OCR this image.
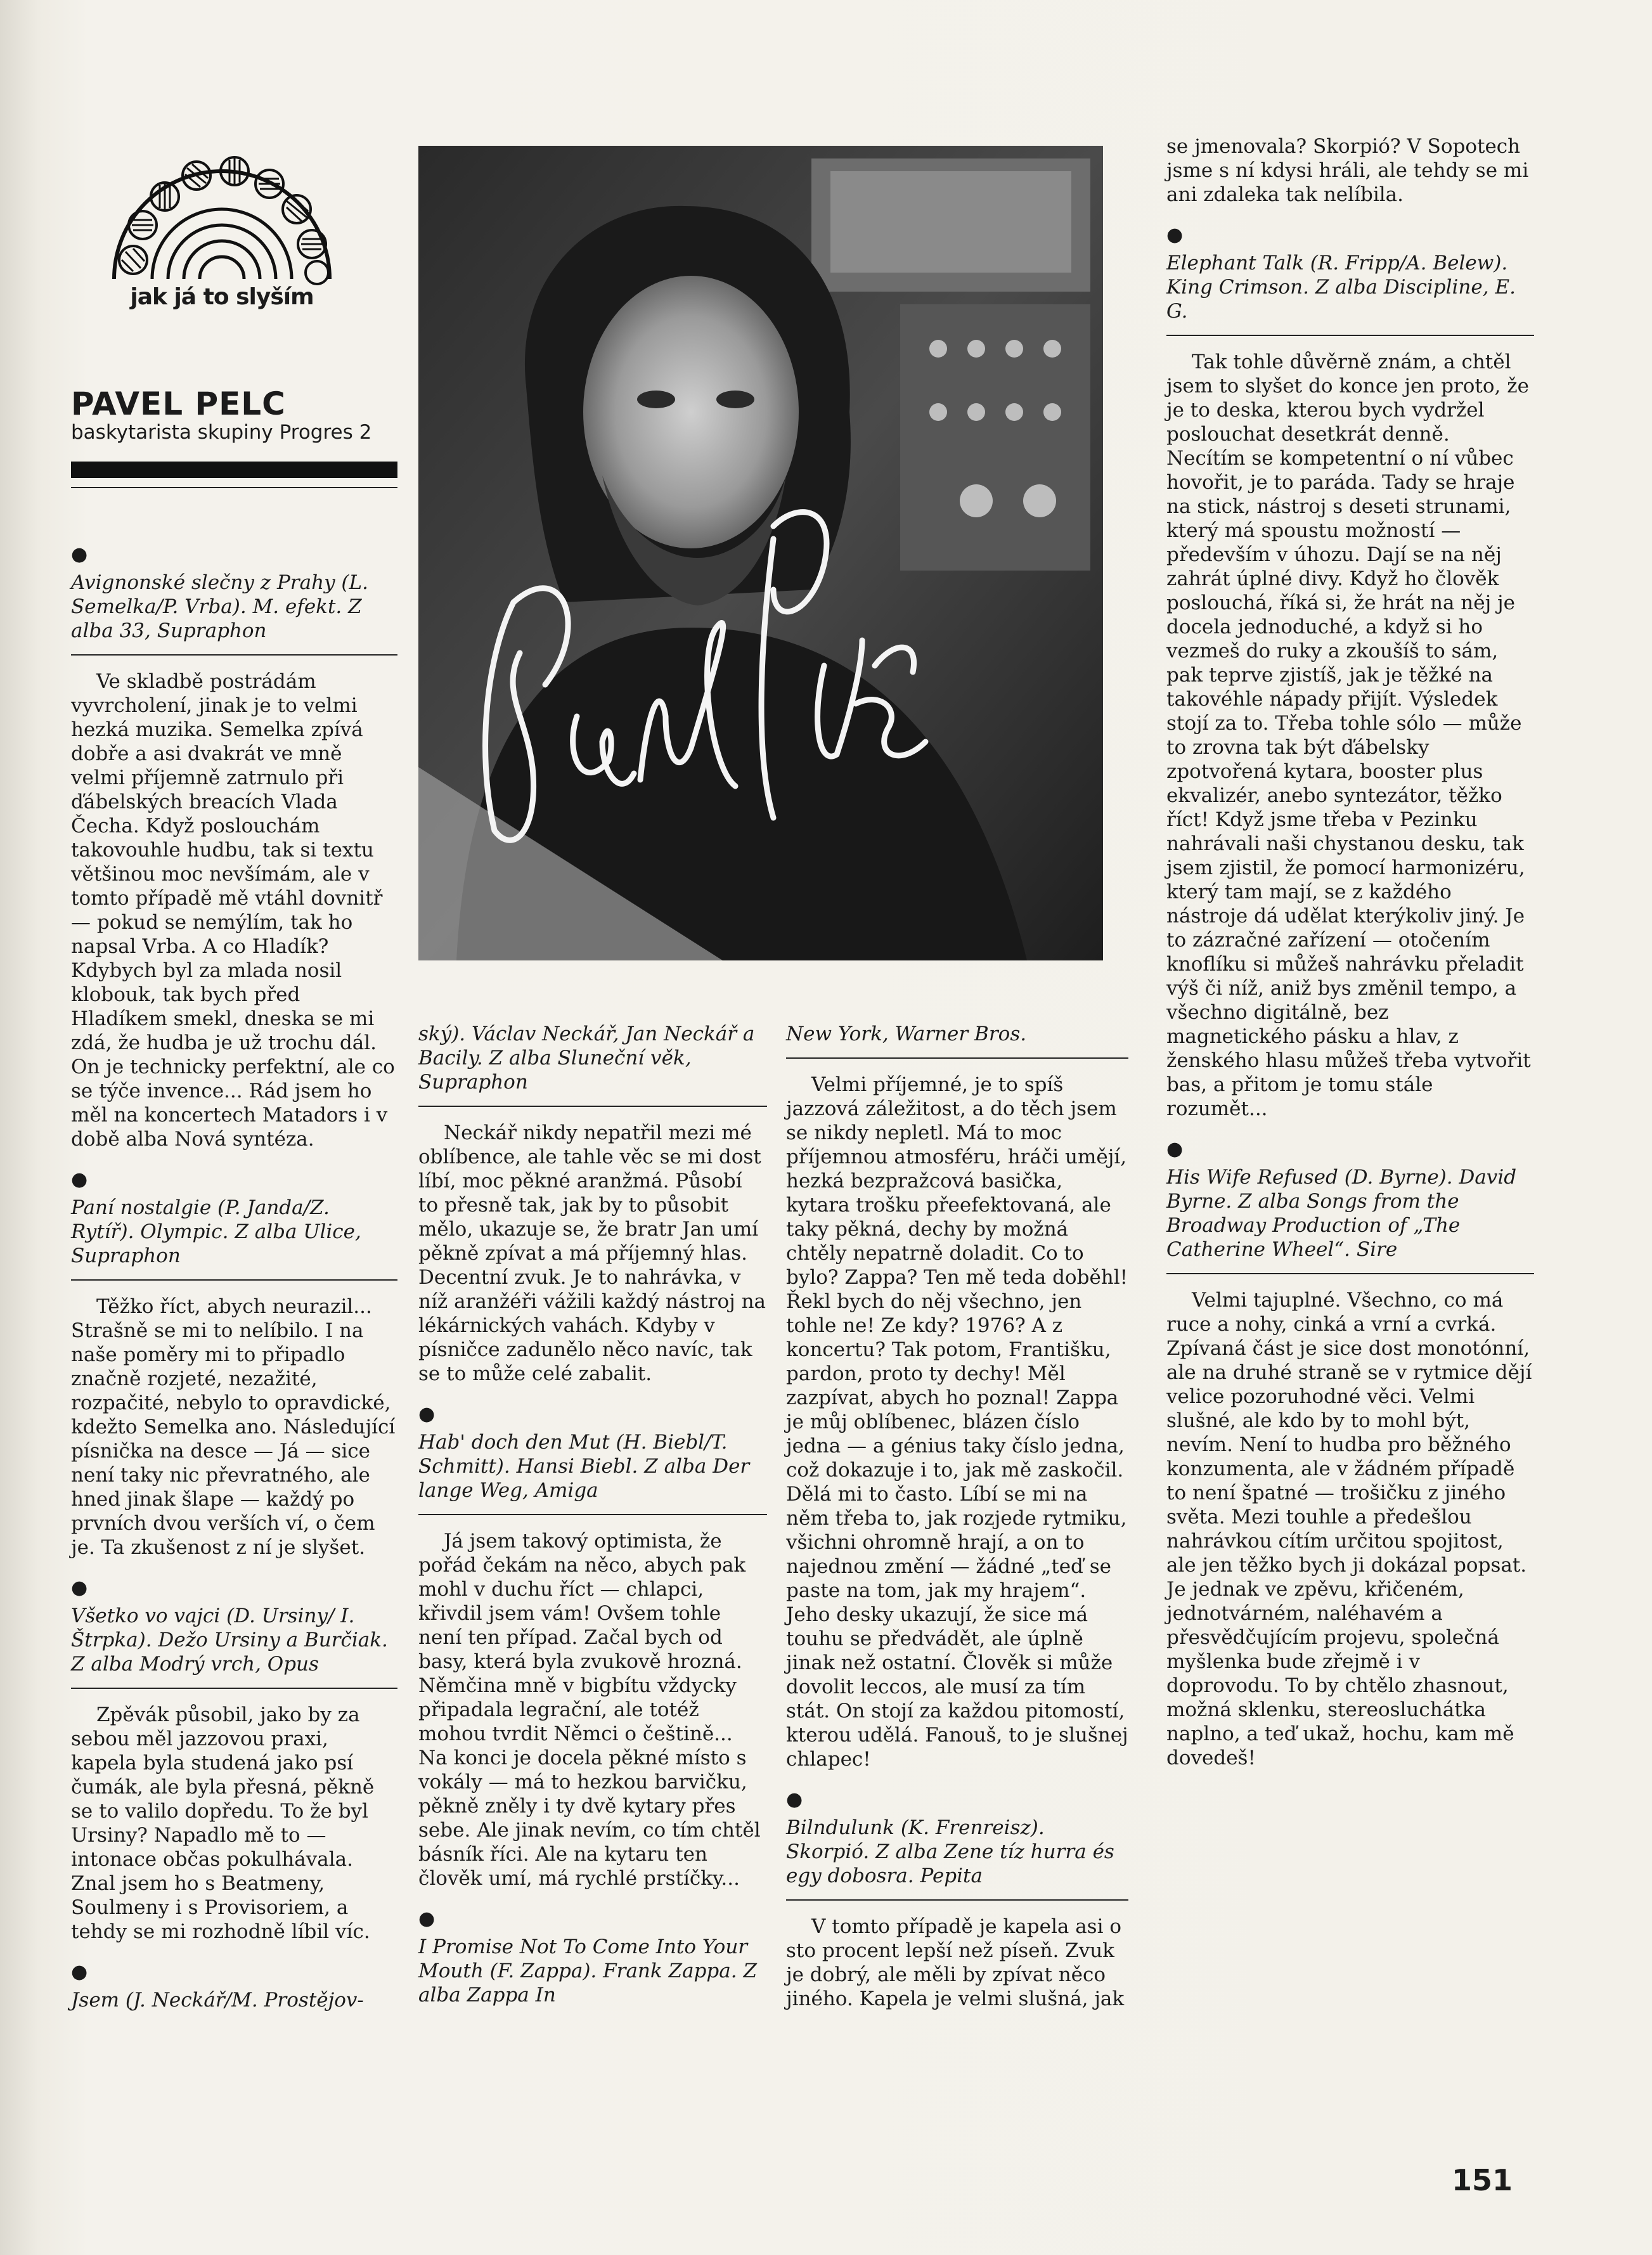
jak já to slyším
PAVEL PELC
baskytarista skupiny Progres 2
●
Avignonské slečny z Prahy (L. Semelka/P. Vrba). M. efekt. Z alba 33, Supraphon

Ve skladbě postrádám vyvrcholení, jinak je to velmi hezká muzika. Semelka zpívá dobře a asi dvakrát ve mně velmi příjemně zatrnulo při ďábelských breacích Vlada Čecha. Když poslouchám takovouhle hudbu, tak si textu většinou moc nevšímám, ale v tomto případě mě vtáhl dovnitř — pokud se nemýlím, tak ho napsal Vrba. A co Hladík? Kdybych byl za mlada nosil klobouk, tak bych před Hladíkem smekl, dneska se mi zdá, že hudba je už trochu dál. On je technicky perfektní, ale co se týče invence... Rád jsem ho měl na koncertech Matadors i v době alba Nová syntéza.

●
Paní nostalgie (P. Janda/Z. Rytíř). Olympic. Z alba Ulice, Supraphon

Těžko říct, abych neurazil... Strašně se mi to nelíbilo. I na naše poměry mi to připadlo značně rozjeté, nezažité, rozpačité, nebylo to opravdické, kdežto Semelka ano. Následující písnička na desce — Já — sice není taky nic převratného, ale hned jinak šlape — každý po prvních dvou verších ví, o čem je. Ta zkušenost z ní je slyšet.

●
Všetko vo vajci (D. Ursiny/ I. Štrpka). Dežo Ursiny a Burčiak. Z alba Modrý vrch, Opus

Zpěvák působil, jako by za sebou měl jazzovou praxi, kapela byla studená jako psí čumák, ale byla přesná, pěkně se to valilo dopředu. To že byl Ursiny? Napadlo mě to — intonace občas pokulhávala. Znal jsem ho s Beatmeny, Soulmeny i s Provisoriem, a tehdy se mi rozhodně líbil víc.

●
Jsem (J. Neckář/M. Prostějov-
ský). Václav Neckář, Jan Neckář a Bacily. Z alba Sluneční věk, Supraphon

Neckář nikdy nepatřil mezi mé oblíbence, ale tahle věc se mi dost líbí, moc pěkné aranžmá. Působí to přesně tak, jak by to působit mělo, ukazuje se, že bratr Jan umí pěkně zpívat a má příjemný hlas. Decentní zvuk. Je to nahrávka, v níž aranžéři vážili každý nástroj na lékárnických vahách. Kdyby v písničce zadunělo něco navíc, tak se to může celé zabalit.

●
Hab' doch den Mut (H. Biebl/T. Schmitt). Hansi Biebl. Z alba Der lange Weg, Amiga

Já jsem takový optimista, že pořád čekám na něco, abych pak mohl v duchu říct — chlapci, křivdil jsem vám! Ovšem tohle není ten případ. Začal bych od basy, která byla zvukově hrozná. Němčina mně v bigbítu vždycky připadala legrační, ale totéž mohou tvrdit Němci o češtině... Na konci je docela pěkné místo s vokály — má to hezkou barvičku, pěkně zněly i ty dvě kytary přes sebe. Ale jinak nevím, co tím chtěl básník říci. Ale na kytaru ten člověk umí, má rychlé prstíčky...

●
I Promise Not To Come Into Your Mouth (F. Zappa). Frank Zappa. Z alba Zappa In
New York, Warner Bros.

Velmi příjemné, je to spíš jazzová záležitost, a do těch jsem se nikdy nepletl. Má to moc příjemnou atmosféru, hráči umějí, hezká bezpražcová basička, kytara trošku přeefektovaná, ale taky pěkná, dechy by možná chtěly nepatrně doladit. Co to bylo? Zappa? Ten mě teda doběhl! Řekl bych do něj všechno, jen tohle ne! Ze kdy? 1976? A z koncertu? Tak potom, Františku, pardon, proto ty dechy! Měl zazpívat, abych ho poznal! Zappa je můj oblíbenec, blázen číslo jedna — a génius taky číslo jedna, což dokazuje i to, jak mě zaskočil. Dělá mi to často. Líbí se mi na něm třeba to, jak rozjede rytmiku, všichni ohromně hrají, a on to najednou změní — žádné „teď se paste na tom, jak my hrajem“. Jeho desky ukazují, že sice má touhu se předvádět, ale úplně jinak než ostatní. Člověk si může dovolit leccos, ale musí za tím stát. On stojí za každou pitomostí, kterou udělá. Fanouš, to je slušnej chlapec!

●
Bilndulunk (K. Frenreisz). Skorpió. Z alba Zene tíz hurra és egy dobosra. Pepita

V tomto případě je kapela asi o sto procent lepší než píseň. Zvuk je dobrý, ale měli by zpívat něco jiného. Kapela je velmi slušná, jak

se jmenovala? Skorpió? V Sopotech jsme s ní kdysi hráli, ale tehdy se mi ani zdaleka tak nelíbila.

●
Elephant Talk (R. Fripp/A. Belew). King Crimson. Z alba Discipline, E. G.

Tak tohle důvěrně znám, a chtěl jsem to slyšet do konce jen proto, že je to deska, kterou bych vydržel poslouchat desetkrát denně. Necítím se kompetentní o ní vůbec hovořit, je to paráda. Tady se hraje na stick, nástroj s deseti strunami, který má spoustu možností — především v úhozu. Dají se na něj zahrát úplné divy. Když ho člověk poslouchá, říká si, že hrát na něj je docela jednoduché, a když si ho vezmeš do ruky a zkoušíš to sám, pak teprve zjistíš, jak je těžké na takovéhle nápady přijít. Výsledek stojí za to. Třeba tohle sólo — může to zrovna tak být ďábelsky zpotvořená kytara, booster plus ekvalizér, anebo syntezátor, těžko říct! Když jsme třeba v Pezinku nahrávali naši chystanou desku, tak jsem zjistil, že pomocí harmonizéru, který tam mají, se z každého nástroje dá udělat kterýkoliv jiný. Je to zázračné zařízení — otočením knoflíku si můžeš nahrávku přeladit výš či níž, aniž bys změnil tempo, a všechno digitálně, bez magnetického pásku a hlav, z ženského hlasu můžeš třeba vytvořit bas, a přitom je tomu stále rozumět...

●
His Wife Refused (D. Byrne). David Byrne. Z alba Songs from the Broadway Production of „The Catherine Wheel“. Sire

Velmi tajuplné. Všechno, co má ruce a nohy, cinká a vrní a cvrká. Zpívaná část je sice dost monotónní, ale na druhé straně se v rytmice dějí velice pozoruhodné věci. Velmi slušné, ale kdo by to mohl být, nevím. Není to hudba pro běžného konzumenta, ale v žádném případě to není špatné — trošičku z jiného světa. Mezi touhle a předešlou nahrávkou cítím určitou spojitost, ale jen těžko bych ji dokázal popsat. Je jednak ve zpěvu, křičeném, jednotvárném, naléhavém a přesvědčujícím projevu, společná myšlenka bude zřejmě i v doprovodu. To by chtělo zhasnout, možná sklenku, stereosluchátka naplno, a teď ukaž, hochu, kam mě dovedeš!

151
